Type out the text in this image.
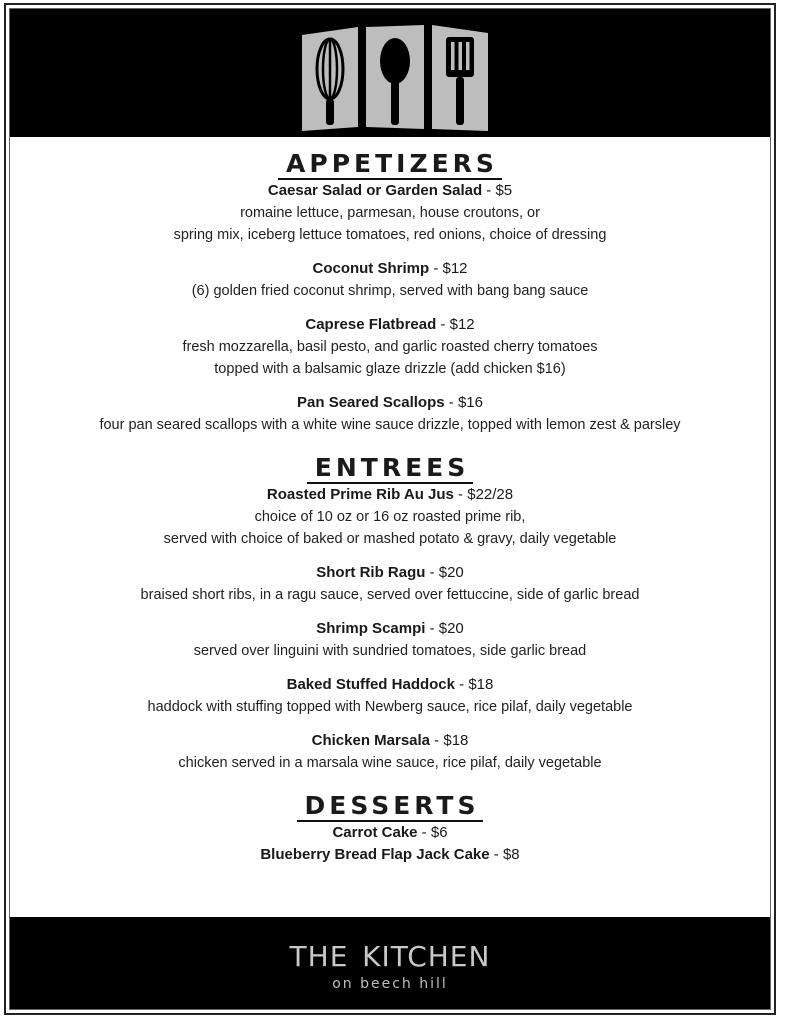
APPETIZERS
Caesar Salad or Garden Salad - $5
romaine lettuce, parmesan, house croutons, or
spring mix, iceberg lettuce tomatoes, red onions, choice of dressing
Coconut Shrimp - $12
(6) golden fried coconut shrimp, served with bang bang sauce
Caprese Flatbread - $12
fresh mozzarella, basil pesto, and garlic roasted cherry tomatoes
topped with a balsamic glaze drizzle (add chicken $16)
Pan Seared Scallops - $16
four pan seared scallops with a white wine sauce drizzle, topped with lemon zest & parsley
ENTREES
Roasted Prime Rib Au Jus - $22/28
choice of 10 oz or 16 oz roasted prime rib,
served with choice of baked or mashed potato & gravy, daily vegetable
Short Rib Ragu - $20
braised short ribs, in a ragu sauce, served over fettuccine, side of garlic bread
Shrimp Scampi - $20
served over linguini with sundried tomatoes, side garlic bread
Baked Stuffed Haddock - $18
haddock with stuffing topped with Newberg sauce, rice pilaf, daily vegetable
Chicken Marsala - $18
chicken served in a marsala wine sauce, rice pilaf, daily vegetable
DESSERTS
Carrot Cake - $6
Blueberry Bread Flap Jack Cake - $8
the kitchen
on beech hill
